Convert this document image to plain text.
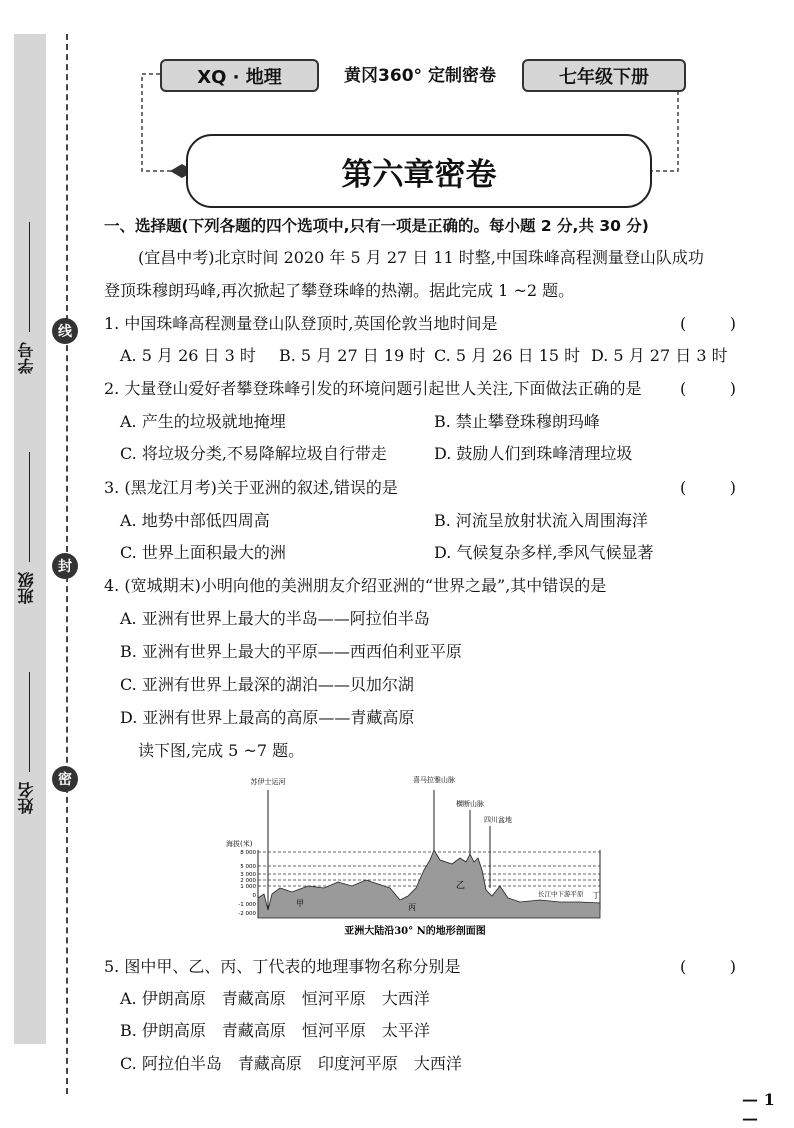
线
封
密
学号
班级
姓名
XQ · 地理	黄冈360° 定制密卷	七年级下册
第六章密卷
一、选择题(下列各题的四个选项中,只有一项是正确的。每小题 2 分,共 30 分)
(宜昌中考)北京时间 2020 年 5 月 27 日 11 时整,中国珠峰高程测量登山队成功
登顶珠穆朗玛峰,再次掀起了攀登珠峰的热潮。据此完成 1 ~2 题。
1. 中国珠峰高程测量登山队登顶时,英国伦敦当地时间是	(	)
A. 5 月 26 日 3 时 B. 5 月 27 日 19 时 C. 5 月 26 日 15 时 D. 5 月 27 日 3 时
2. 大量登山爱好者攀登珠峰引发的环境问题引起世人关注,下面做法正确的是 (	)
A. 产生的垃圾就地掩埋	B. 禁止攀登珠穆朗玛峰
C. 将垃圾分类,不易降解垃圾自行带走	D. 鼓励人们到珠峰清理垃圾
3. (黑龙江月考)关于亚洲的叙述,错误的是	(	)
A. 地势中部低四周高	B. 河流呈放射状流入周围海洋
C. 世界上面积最大的洲	D. 气候复杂多样,季风气候显著
4. (宽城期末)小明向他的美洲朋友介绍亚洲的“世界之最”,其中错误的是
A. 亚洲有世界上最大的半岛——阿拉伯半岛
B. 亚洲有世界上最大的平原——西西伯利亚平原
C. 亚洲有世界上最深的湖泊——贝加尔湖
D. 亚洲有世界上最高的高原——青藏高原
读下图,完成 5 ~7 题。
苏伊士运河	喜马拉雅山脉
横断山脉
四川盆地
海拔(米)
8 000
5 000
3 000
2 000
1 000
0
-1 000
-2 000
甲
乙
丙
丁
长江中下游平原
亚洲大陆沿30° N的地形剖面图
5. 图中甲、乙、丙、丁代表的地理事物名称分别是	(	)
A. 伊朗高原　青藏高原　恒河平原　大西洋
B. 伊朗高原　青藏高原　恒河平原　太平洋
C. 阿拉伯半岛　青藏高原　印度河平原　大西洋
— 1 —
